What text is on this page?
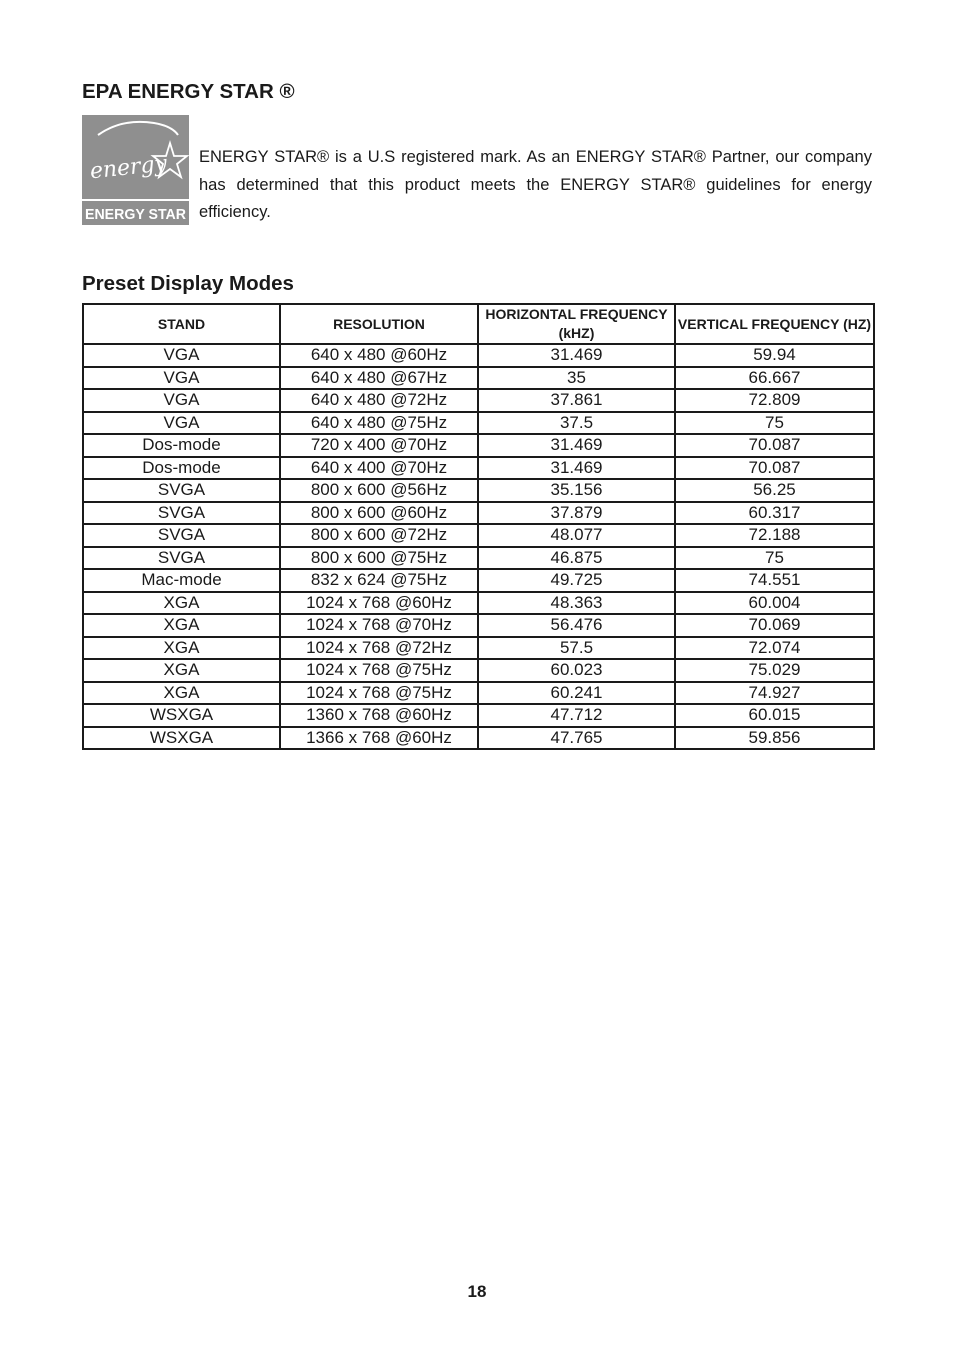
EPA ENERGY STAR ®
energy
ENERGY STAR

ENERGY STAR® is a U.S registered mark. As an ENERGY STAR® Partner, our company has determined that this product meets the ENERGY STAR® guidelines for energy efficiency.

Preset Display Modes
STAND	RESOLUTION	HORIZONTAL FREQUENCY (kHZ)	VERTICAL FREQUENCY (HZ)
VGA	640 x 480 @60Hz	31.469	59.94
VGA	640 x 480 @67Hz	35	66.667
VGA	640 x 480 @72Hz	37.861	72.809
VGA	640 x 480 @75Hz	37.5	75
Dos-mode	720 x 400 @70Hz	31.469	70.087
Dos-mode	640 x 400 @70Hz	31.469	70.087
SVGA	800 x 600 @56Hz	35.156	56.25
SVGA	800 x 600 @60Hz	37.879	60.317
SVGA	800 x 600 @72Hz	48.077	72.188
SVGA	800 x 600 @75Hz	46.875	75
Mac-mode	832 x 624 @75Hz	49.725	74.551
XGA	1024 x 768 @60Hz	48.363	60.004
XGA	1024 x 768 @70Hz	56.476	70.069
XGA	1024 x 768 @72Hz	57.5	72.074
XGA	1024 x 768 @75Hz	60.023	75.029
XGA	1024 x 768 @75Hz	60.241	74.927
WSXGA	1360 x 768 @60Hz	47.712	60.015
WSXGA	1366 x 768 @60Hz	47.765	59.856
18
